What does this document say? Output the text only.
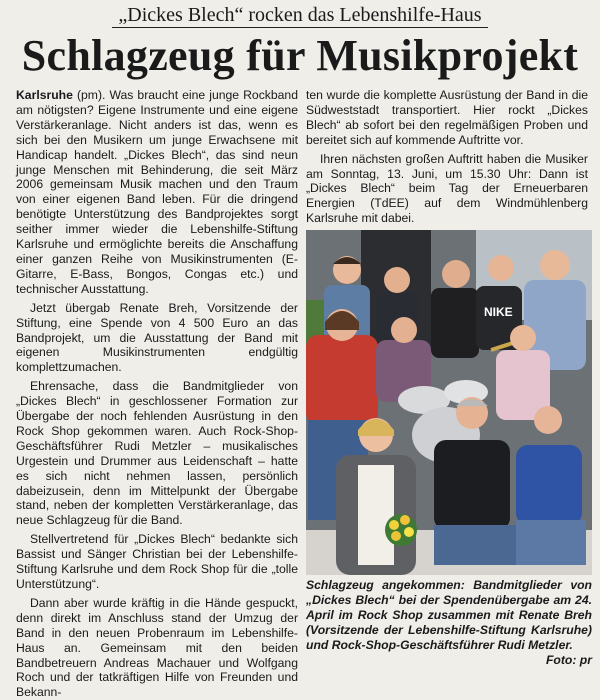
„Dickes Blech“ rocken das Lebenshilfe-Haus
Schlagzeug für Musikprojekt

Karlsruhe (pm). Was braucht eine junge Rockband am nötigsten? Eigene Instrumente und eine eigene Verstärkeranlage. Nicht anders ist das, wenn es sich bei den Musikern um junge Erwachsene mit Handicap handelt. „Dickes Blech“, das sind neun junge Menschen mit Behinderung, die seit März 2006 gemeinsam Musik machen und den Traum von einer eigenen Band leben. Für die dringend benötigte Unterstützung des Bandprojektes sorgt seither immer wieder die Lebenshilfe-Stiftung Karlsruhe und ermöglichte bereits die Anschaffung einer ganzen Reihe von Musikinstrumenten (E-Gitarre, E-Bass, Bongos, Congas etc.) und technischer Ausstattung.

Jetzt übergab Renate Breh, Vorsitzende der Stiftung, eine Spende von 4 500 Euro an das Bandprojekt, um die Ausstattung der Band mit eigenen Musikinstrumenten endgültig komplettzumachen.

Ehrensache, dass die Bandmitglieder von „Dickes Blech“ in geschlossener Formation zur Übergabe der noch fehlenden Ausrüstung in den Rock Shop gekommen waren. Auch Rock-Shop-Geschäftsführer Rudi Metzler – musikalisches Urgestein und Drummer aus Leidenschaft – hatte es sich nicht nehmen lassen, persönlich dabeizusein, denn im Mittelpunkt der Übergabe stand, neben der kompletten Verstärkeranlage, das neue Schlagzeug für die Band.

Stellvertretend für „Dickes Blech“ bedankte sich Bassist und Sänger Christian bei der Lebenshilfe-Stiftung Karlsruhe und dem Rock Shop für die „tolle Unterstützung“.

Dann aber wurde kräftig in die Hände gespuckt, denn direkt im Anschluss stand der Umzug der Band in den neuen Probenraum im Lebenshilfe-Haus an. Gemeinsam mit den beiden Bandbetreuern Andreas Machauer und Wolfgang Roch und der tatkräftigen Hilfe von Freunden und Bekann-

ten wurde die komplette Ausrüstung der Band in die Südweststadt transportiert. Hier rockt „Dickes Blech“ ab sofort bei den regelmäßigen Proben und bereitet sich auf kommende Auftritte vor.

Ihren nächsten großen Auftritt haben die Musiker am Sonntag, 13. Juni, um 15.30 Uhr: Dann ist „Dickes Blech“ beim Tag der Erneuerbaren Energien (TdEE) auf dem Windmühlenberg Karlsruhe mit dabei.

NIKE
Schlagzeug angekommen: Bandmitglieder von „Dickes Blech“ bei der Spendenübergabe am 24. April im Rock Shop zusammen mit Renate Breh (Vorsitzende der Lebenshilfe-Stiftung Karlsruhe) und Rock-Shop-Geschäftsführer Rudi Metzler.
Foto: pr
